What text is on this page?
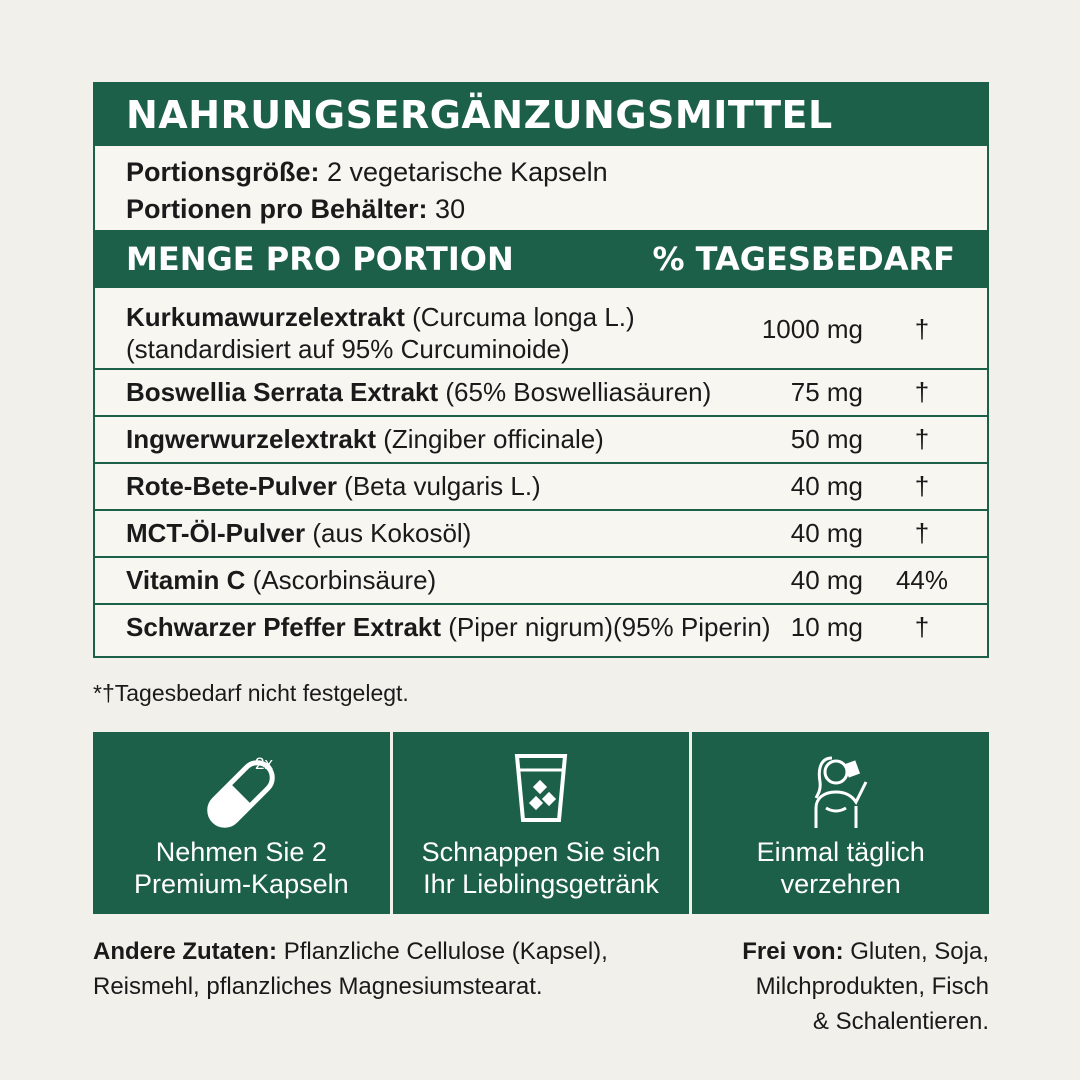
NAHRUNGSERGÄNZUNGSMITTEL
Portionsgröße: 2 vegetarische Kapseln
Portionen pro Behälter: 30
MENGE PRO PORTION	% TAGESBEDARF
Kurkumawurzelextrakt (Curcuma longa L.)
(standardisiert auf 95% Curcuminoide)
1000 mg	†
Boswellia Serrata Extrakt (65% Boswelliasäuren)	75 mg	†
Ingwerwurzelextrakt (Zingiber officinale)	50 mg	†
Rote-Bete-Pulver (Beta vulgaris L.)	40 mg	†
MCT-Öl-Pulver (aus Kokosöl)	40 mg	†
Vitamin C (Ascorbinsäure)	40 mg	44%
Schwarzer Pfeffer Extrakt (Piper nigrum)(95% Piperin) 10 mg	†
*†Tagesbedarf nicht festgelegt.
2x
Nehmen Sie 2
Premium-Kapseln
Schnappen Sie sich
Ihr Lieblingsgetränk
Einmal täglich
verzehren
Andere Zutaten: Pflanzliche Cellulose (Kapsel),
Reismehl, pflanzliches Magnesiumstearat.
Frei von: Gluten, Soja,
Milchprodukten, Fisch
& Schalentieren.
